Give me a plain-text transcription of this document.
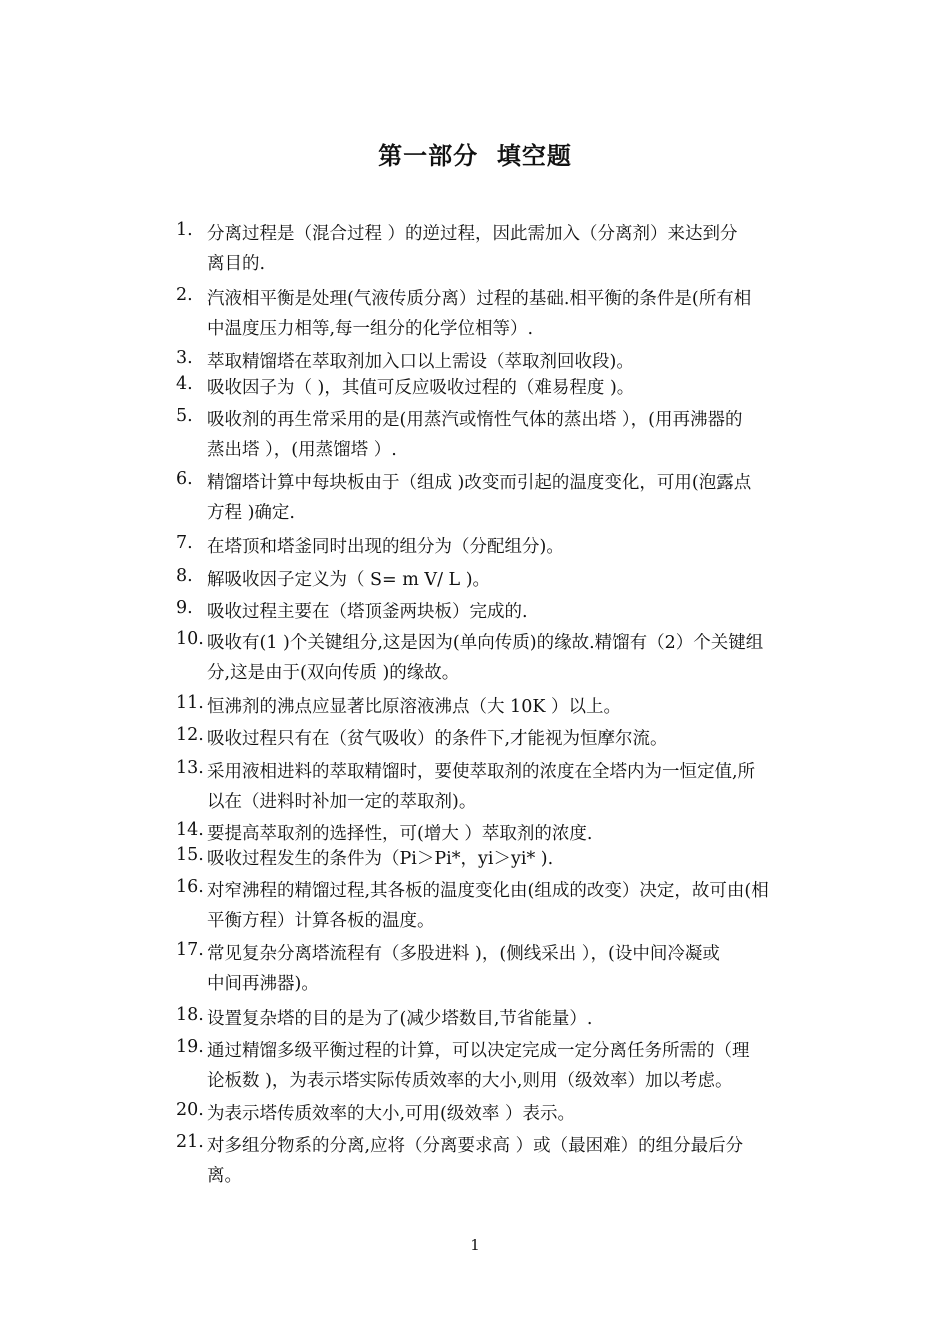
第一部分  填空题
1. 分离过程是（混合过程 ）的逆过程，因此需加入（分离剂）来达到分
离目的.
2. 汽液相平衡是处理(气液传质分离）过程的基础.相平衡的条件是(所有相
中温度压力相等,每一组分的化学位相等）.
3. 萃取精馏塔在萃取剂加入口以上需设（萃取剂回收段)。
4. 吸收因子为（ )，其值可反应吸收过程的（难易程度 )。
5. 吸收剂的再生常采用的是(用蒸汽或惰性气体的蒸出塔 ），(用再沸器的
蒸出塔 ），(用蒸馏塔 ）.
6. 精馏塔计算中每块板由于（组成 )改变而引起的温度变化，可用(泡露点
方程 )确定.
7. 在塔顶和塔釜同时出现的组分为（分配组分)。
8. 解吸收因子定义为（ S= m V/ L )。
9. 吸收过程主要在（塔顶釜两块板）完成的.
10. 吸收有(1 )个关键组分,这是因为(单向传质)的缘故.精馏有（2）个关键组
分,这是由于(双向传质 )的缘故。
11. 恒沸剂的沸点应显著比原溶液沸点（大 10K ）以上。
12. 吸收过程只有在（贫气吸收）的条件下,才能视为恒摩尔流。
13. 采用液相进料的萃取精馏时，要使萃取剂的浓度在全塔内为一恒定值,所
以在（进料时补加一定的萃取剂)。
14. 要提高萃取剂的选择性，可(增大 ）萃取剂的浓度.
15. 吸收过程发生的条件为（Pi＞Pi*，yi＞yi* ).
16. 对窄沸程的精馏过程,其各板的温度变化由(组成的改变）决定，故可由(相
平衡方程）计算各板的温度。
17. 常见复杂分离塔流程有（多股进料 )，(侧线采出 ），(设中间冷凝或
中间再沸器)。
18. 设置复杂塔的目的是为了(减少塔数目,节省能量）.
19. 通过精馏多级平衡过程的计算，可以决定完成一定分离任务所需的（理
论板数 )，为表示塔实际传质效率的大小,则用（级效率）加以考虑。
20. 为表示塔传质效率的大小,可用(级效率 ）表示。
21. 对多组分物系的分离,应将（分离要求高 ）或（最困难）的组分最后分
离。
1
